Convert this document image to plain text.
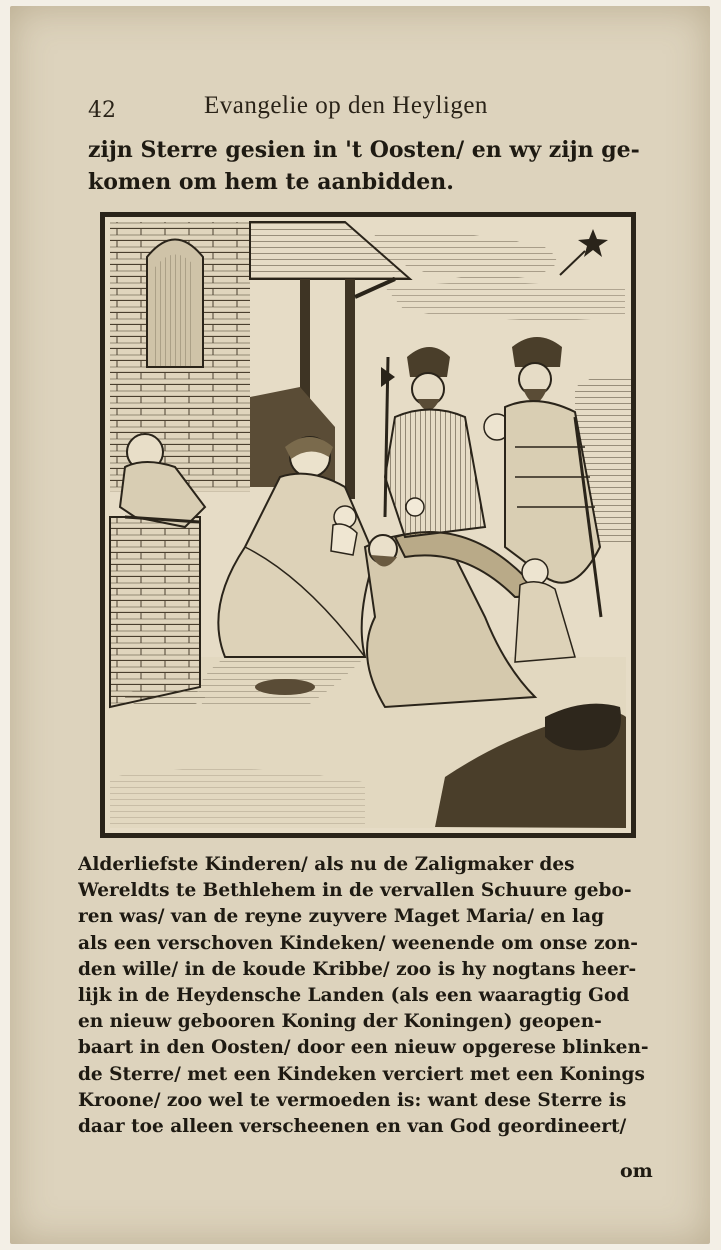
42	Evangelie op den Heyligen
zijn Sterre gesien in 't Oosten/ en wy zijn ge-
komen om hem te aanbidden.
Alderliefste Kinderen/ als nu de Zaligmaker des
Wereldts te Bethlehem in de vervallen Schuure gebo-
ren was/ van de reyne zuyvere Maget Maria/ en lag
als een verschoven Kindeken/ weenende om onse zon-
den wille/ in de koude Kribbe/ zoo is hy nogtans heer-
lijk in de Heydensche Landen (als een waaragtig God
en nieuw gebooren Koning der Koningen) geopen-
baart in den Oosten/ door een nieuw opgerese blinken-
de Sterre/ met een Kindeken verciert met een Konings
Kroone/ zoo wel te vermoeden is: want dese Sterre is
daar toe alleen verscheenen en van God geordineert/
om
